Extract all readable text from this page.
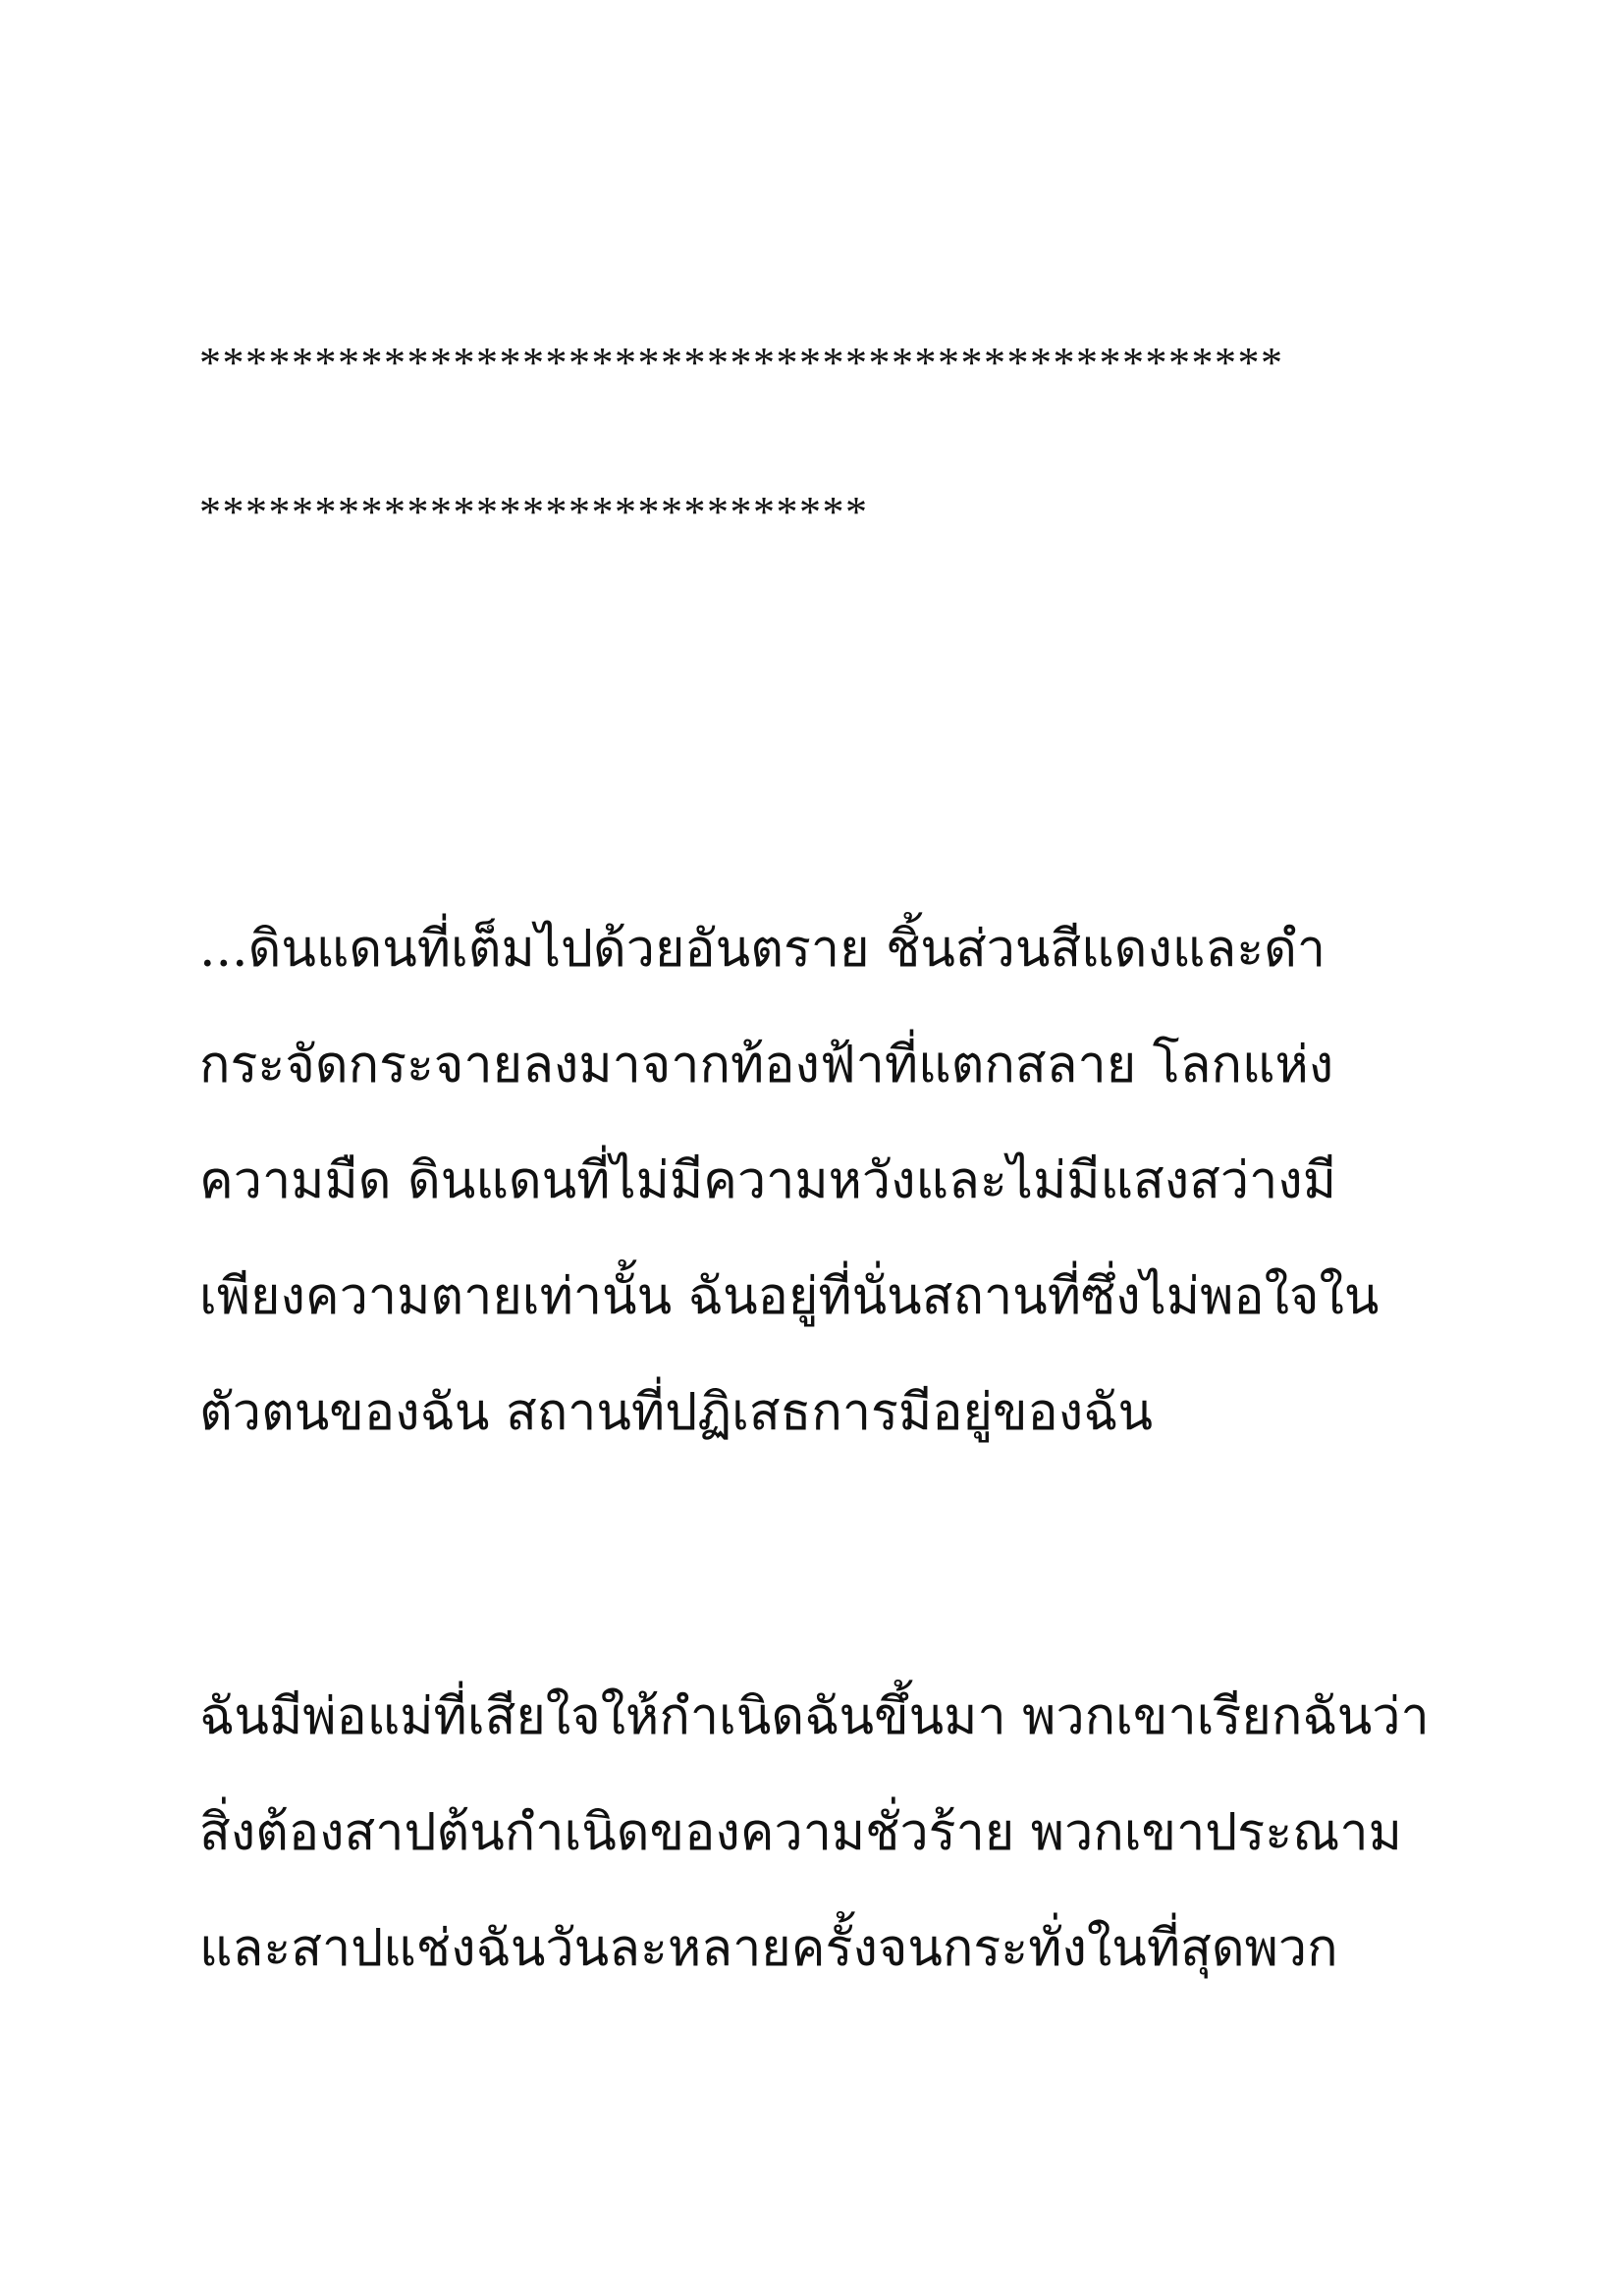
***********************************************

*****************************

...ดินแดนที่เต็มไปด้วยอันตราย ชิ้นส่วนสีแดงและดำ
กระจัดกระจายลงมาจากท้องฟ้าที่แตกสลาย โลกแห่ง
ความมืด ดินแดนที่ไม่มีความหวังและไม่มีแสงสว่างมี
เพียงความตายเท่านั้น ฉันอยู่ที่นั่นสถานที่ซึ่งไม่พอใจใน
ตัวตนของฉัน สถานที่ปฏิเสธการมีอยู่ของฉัน
ฉันมีพ่อแม่ที่เสียใจให้กำเนิดฉันขึ้นมา พวกเขาเรียกฉันว่า
สิ่งต้องสาปต้นกำเนิดของความชั่วร้าย พวกเขาประณาม
และสาปแช่งฉันวันละหลายครั้งจนกระทั่งในที่สุดพวก
